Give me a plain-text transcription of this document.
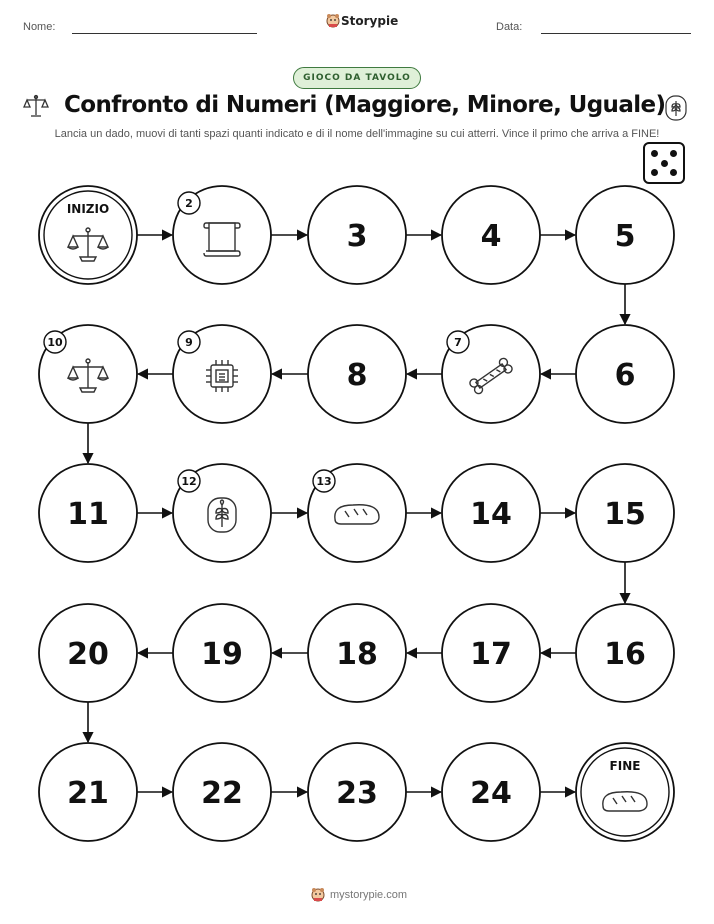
Nome:	Storypie	Data:
GIOCO DA TAVOLO
Confronto di Numeri (Maggiore, Minore, Uguale)
Lancia un dado, muovi di tanti spazi quanti indicato e di il nome dell'immagine su cui atterri. Vince il primo che arriva a FINE!
INIZIO	2
3	4	5
6
7
8
9
10
11
12	13
14	15
16
17
18
19
20
21	22	23	24
FINE
mystorypie.com
